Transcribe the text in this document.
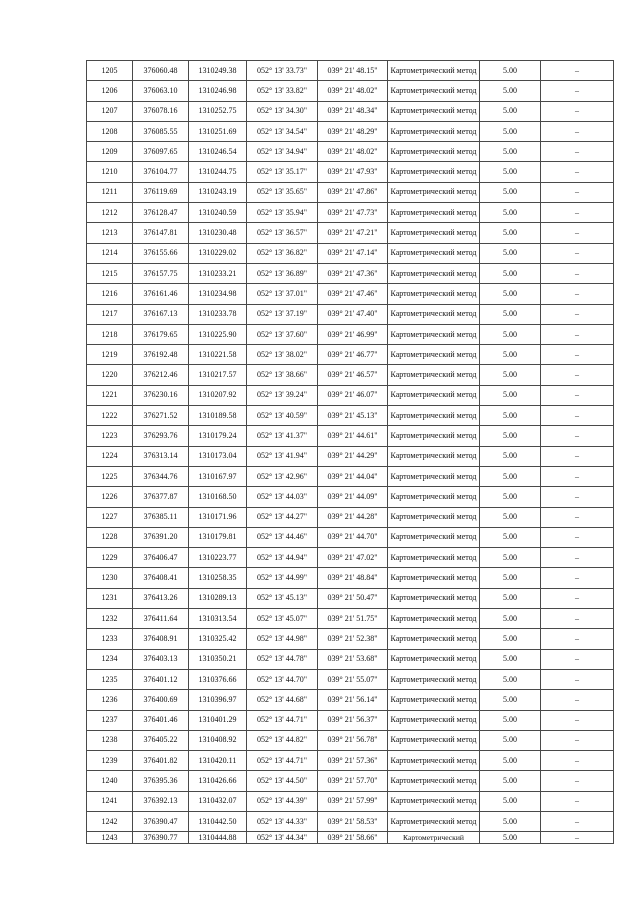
1205	376060.48	1310249.38	052° 13' 33.73"	039° 21' 48.15"	Картометрический метод	5.00	–
1206	376063.10	1310246.98	052° 13' 33.82"	039° 21' 48.02"	Картометрический метод	5.00	–
1207	376078.16	1310252.75	052° 13' 34.30"	039° 21' 48.34"	Картометрический метод	5.00	–
1208	376085.55	1310251.69	052° 13' 34.54"	039° 21' 48.29"	Картометрический метод	5.00	–
1209	376097.65	1310246.54	052° 13' 34.94"	039° 21' 48.02"	Картометрический метод	5.00	–
1210	376104.77	1310244.75	052° 13' 35.17"	039° 21' 47.93"	Картометрический метод	5.00	–
1211	376119.69	1310243.19	052° 13' 35.65"	039° 21' 47.86"	Картометрический метод	5.00	–
1212	376128.47	1310240.59	052° 13' 35.94"	039° 21' 47.73"	Картометрический метод	5.00	–
1213	376147.81	1310230.48	052° 13' 36.57"	039° 21' 47.21"	Картометрический метод	5.00	–
1214	376155.66	1310229.02	052° 13' 36.82"	039° 21' 47.14"	Картометрический метод	5.00	–
1215	376157.75	1310233.21	052° 13' 36.89"	039° 21' 47.36"	Картометрический метод	5.00	–
1216	376161.46	1310234.98	052° 13' 37.01"	039° 21' 47.46"	Картометрический метод	5.00	–
1217	376167.13	1310233.78	052° 13' 37.19"	039° 21' 47.40"	Картометрический метод	5.00	–
1218	376179.65	1310225.90	052° 13' 37.60"	039° 21' 46.99"	Картометрический метод	5.00	–
1219	376192.48	1310221.58	052° 13' 38.02"	039° 21' 46.77"	Картометрический метод	5.00	–
1220	376212.46	1310217.57	052° 13' 38.66"	039° 21' 46.57"	Картометрический метод	5.00	–
1221	376230.16	1310207.92	052° 13' 39.24"	039° 21' 46.07"	Картометрический метод	5.00	–
1222	376271.52	1310189.58	052° 13' 40.59"	039° 21' 45.13"	Картометрический метод	5.00	–
1223	376293.76	1310179.24	052° 13' 41.37"	039° 21' 44.61"	Картометрический метод	5.00	–
1224	376313.14	1310173.04	052° 13' 41.94"	039° 21' 44.29"	Картометрический метод	5.00	–
1225	376344.76	1310167.97	052° 13' 42.96"	039° 21' 44.04"	Картометрический метод	5.00	–
1226	376377.87	1310168.50	052° 13' 44.03"	039° 21' 44.09"	Картометрический метод	5.00	–
1227	376385.11	1310171.96	052° 13' 44.27"	039° 21' 44.28"	Картометрический метод	5.00	–
1228	376391.20	1310179.81	052° 13' 44.46"	039° 21' 44.70"	Картометрический метод	5.00	–
1229	376406.47	1310223.77	052° 13' 44.94"	039° 21' 47.02"	Картометрический метод	5.00	–
1230	376408.41	1310258.35	052° 13' 44.99"	039° 21' 48.84"	Картометрический метод	5.00	–
1231	376413.26	1310289.13	052° 13' 45.13"	039° 21' 50.47"	Картометрический метод	5.00	–
1232	376411.64	1310313.54	052° 13' 45.07"	039° 21' 51.75"	Картометрический метод	5.00	–
1233	376408.91	1310325.42	052° 13' 44.98"	039° 21' 52.38"	Картометрический метод	5.00	–
1234	376403.13	1310350.21	052° 13' 44.78"	039° 21' 53.68"	Картометрический метод	5.00	–
1235	376401.12	1310376.66	052° 13' 44.70"	039° 21' 55.07"	Картометрический метод	5.00	–
1236	376400.69	1310396.97	052° 13' 44.68"	039° 21' 56.14"	Картометрический метод	5.00	–
1237	376401.46	1310401.29	052° 13' 44.71"	039° 21' 56.37"	Картометрический метод	5.00	–
1238	376405.22	1310408.92	052° 13' 44.82"	039° 21' 56.78"	Картометрический метод	5.00	–
1239	376401.82	1310420.11	052° 13' 44.71"	039° 21' 57.36"	Картометрический метод	5.00	–
1240	376395.36	1310426.66	052° 13' 44.50"	039° 21' 57.70"	Картометрический метод	5.00	–
1241	376392.13	1310432.07	052° 13' 44.39"	039° 21' 57.99"	Картометрический метод	5.00	–
1242	376390.47	1310442.50	052° 13' 44.33"	039° 21' 58.53"	Картометрический метод	5.00	–
1243	376390.77	1310444.88	052° 13' 44.34"	039° 21' 58.66"	Картометрический	5.00	–
